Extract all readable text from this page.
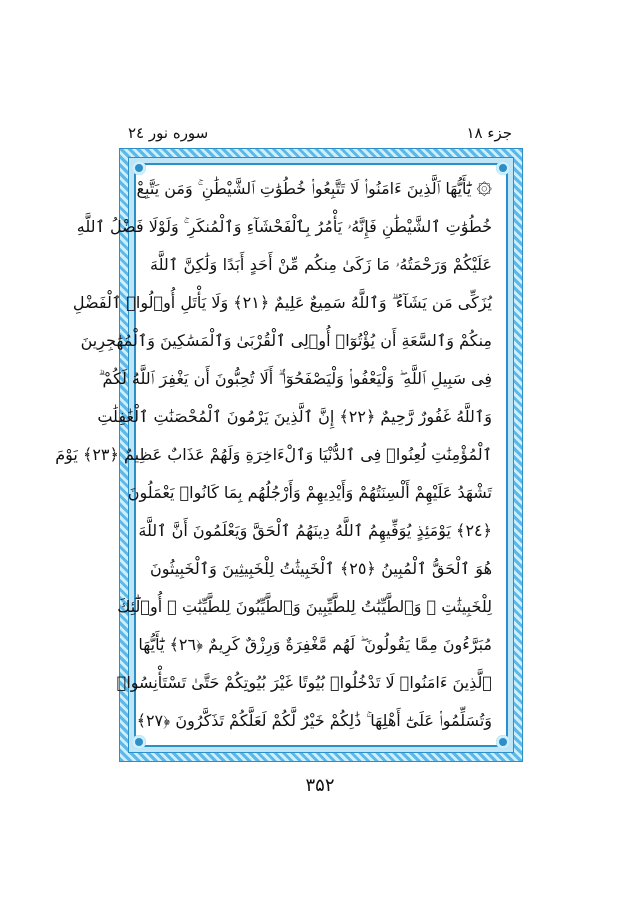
جزء ۱۸
سوره نور ۲٤
۞ يَٰٓأَيُّهَا ٱلَّذِينَ ءَامَنُوا۟ لَا تَتَّبِعُوا۟ خُطُوَٰتِ ٱلشَّيْطَٰنِ ۚ وَمَن يَتَّبِعْ
خُطُوَٰتِ ٱلشَّيْطَٰنِ فَإِنَّهُۥ يَأْمُرُ بِٱلْفَحْشَآءِ وَٱلْمُنكَرِ ۚ وَلَوْلَا فَضْلُ ٱللَّهِ
عَلَيْكُمْ وَرَحْمَتُهُۥ مَا زَكَىٰ مِنكُم مِّنْ أَحَدٍ أَبَدًا وَلَٰكِنَّ ٱللَّهَ
يُزَكِّى مَن يَشَآءُ ۗ وَٱللَّهُ سَمِيعٌ عَلِيمٌ ﴿٢١﴾ وَلَا يَأْتَلِ أُو۟لُوا۟ ٱلْفَضْلِ
مِنكُمْ وَٱلسَّعَةِ أَن يُؤْتُوٓا۟ أُو۟لِى ٱلْقُرْبَىٰ وَٱلْمَسَٰكِينَ وَٱلْمُهَٰجِرِينَ
فِى سَبِيلِ ٱللَّهِ ۖ وَلْيَعْفُوا۟ وَلْيَصْفَحُوٓا۟ ۗ أَلَا تُحِبُّونَ أَن يَغْفِرَ ٱللَّهُ لَكُمْ ۗ
وَٱللَّهُ غَفُورٌ رَّحِيمٌ ﴿٢٢﴾ إِنَّ ٱلَّذِينَ يَرْمُونَ ٱلْمُحْصَنَٰتِ ٱلْغَٰفِلَٰتِ
ٱلْمُؤْمِنَٰتِ لُعِنُوا۟ فِى ٱلدُّنْيَا وَٱلْءَاخِرَةِ وَلَهُمْ عَذَابٌ عَظِيمٌ ﴿٢٣﴾ يَوْمَ
تَشْهَدُ عَلَيْهِمْ أَلْسِنَتُهُمْ وَأَيْدِيهِمْ وَأَرْجُلُهُم بِمَا كَانُوا۟ يَعْمَلُونَ
﴿٢٤﴾ يَوْمَئِذٍ يُوَفِّيهِمُ ٱللَّهُ دِينَهُمُ ٱلْحَقَّ وَيَعْلَمُونَ أَنَّ ٱللَّهَ
هُوَ ٱلْحَقُّ ٱلْمُبِينُ ﴿٢٥﴾ ٱلْخَبِيثَٰتُ لِلْخَبِيثِينَ وَٱلْخَبِيثُونَ
لِلْخَبِيثَٰتِ ۖ وَٱلطَّيِّبَٰتُ لِلطَّيِّبِينَ وَٱلطَّيِّبُونَ لِلطَّيِّبَٰتِ ۚ أُو۟لَٰٓئِكَ
مُبَرَّءُونَ مِمَّا يَقُولُونَ ۖ لَهُم مَّغْفِرَةٌ وَرِزْقٌ كَرِيمٌ ﴿٢٦﴾ يَٰٓأَيُّهَا
ٱلَّذِينَ ءَامَنُوا۟ لَا تَدْخُلُوا۟ بُيُوتًا غَيْرَ بُيُوتِكُمْ حَتَّىٰ تَسْتَأْنِسُوا۟
وَتُسَلِّمُوا۟ عَلَىٰٓ أَهْلِهَا ۚ ذَٰلِكُمْ خَيْرٌ لَّكُمْ لَعَلَّكُمْ تَذَكَّرُونَ ﴿٢٧﴾
۳۵۲
